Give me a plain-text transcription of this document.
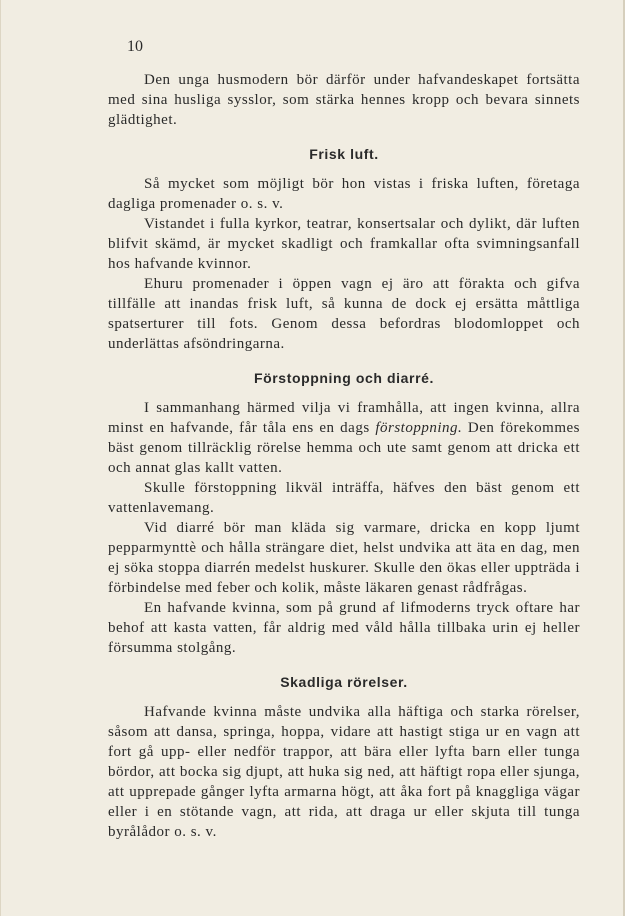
10

Den unga husmodern bör därför under hafvandeskapet fortsätta med sina husliga sysslor, som stärka hennes kropp och bevara sinnets glädtighet.

Frisk luft.

Så mycket som möjligt bör hon vistas i friska luften, företaga dagliga promenader o. s. v.

Vistandet i fulla kyrkor, teatrar, konsertsalar och dylikt, där luften blifvit skämd, är mycket skadligt och framkallar ofta svimningsanfall hos hafvande kvinnor.

Ehuru promenader i öppen vagn ej äro att förakta och gifva tillfälle att inandas frisk luft, så kunna de dock ej ersätta måttliga spatserturer till fots. Genom dessa befordras blodomloppet och underlättas afsöndringarna.

Förstoppning och diarré.

I sammanhang härmed vilja vi framhålla, att ingen kvinna, allra minst en hafvande, får tåla ens en dags förstoppning. Den förekommes bäst genom tillräcklig rörelse hemma och ute samt genom att dricka ett och annat glas kallt vatten.

Skulle förstoppning likväl inträffa, häfves den bäst genom ett vattenlavemang.

Vid diarré bör man kläda sig varmare, dricka en kopp ljumt pepparmynttè och hålla strängare diet, helst undvika att äta en dag, men ej söka stoppa diarrén medelst huskurer. Skulle den ökas eller uppträda i förbindelse med feber och kolik, måste läkaren genast rådfrågas.

En hafvande kvinna, som på grund af lifmoderns tryck oftare har behof att kasta vatten, får aldrig med våld hålla tillbaka urin ej heller försumma stolgång.

Skadliga rörelser.

Hafvande kvinna måste undvika alla häftiga och starka rörelser, såsom att dansa, springa, hoppa, vidare att hastigt stiga ur en vagn att fort gå upp- eller nedför trappor, att bära eller lyfta barn eller tunga bördor, att bocka sig djupt, att huka sig ned, att häftigt ropa eller sjunga, att upprepade gånger lyfta armarna högt, att åka fort på knaggliga vägar eller i en stötande vagn, att rida, att draga ur eller skjuta till tunga byrålådor o. s. v.
